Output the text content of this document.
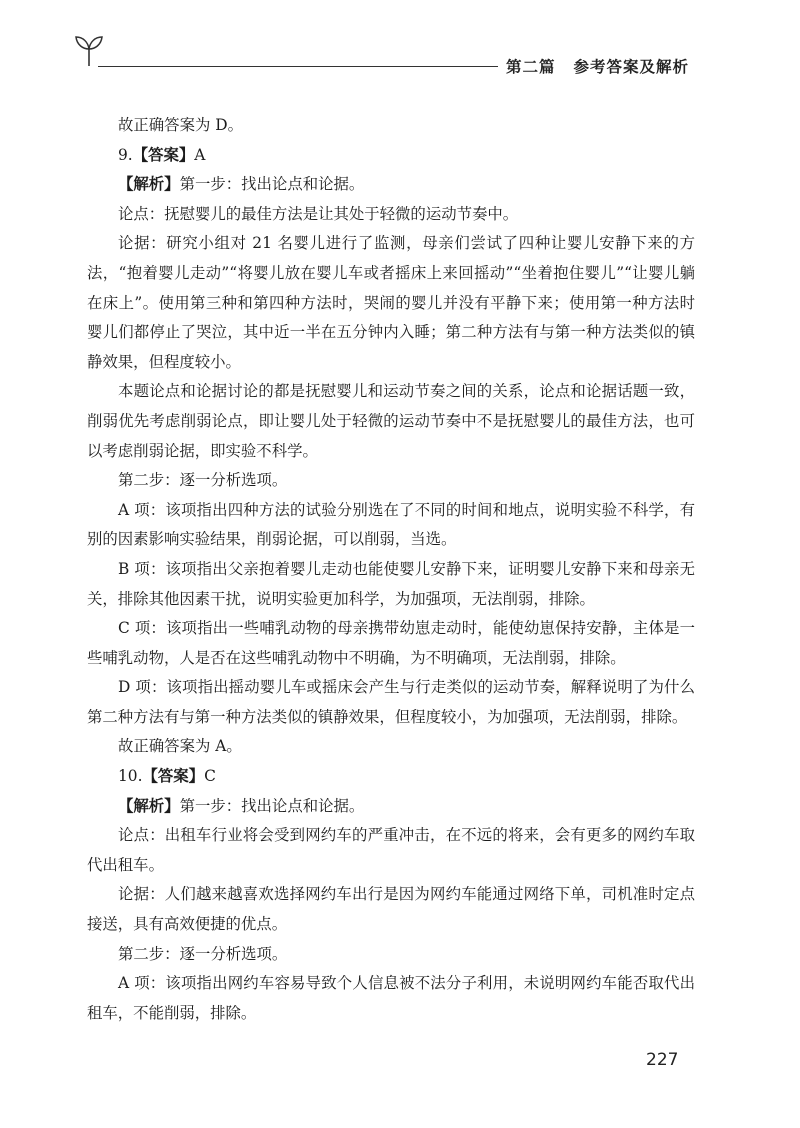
第二篇 参考答案及解析

故正确答案为 D。

9.【答案】A

【解析】第一步：找出论点和论据。

论点：抚慰婴儿的最佳方法是让其处于轻微的运动节奏中。

论据：研究小组对 21 名婴儿进行了监测，母亲们尝试了四种让婴儿安静下来的方法，“抱着婴儿走动”“将婴儿放在婴儿车或者摇床上来回摇动”“坐着抱住婴儿”“让婴儿躺在床上”。使用第三种和第四种方法时，哭闹的婴儿并没有平静下来；使用第一种方法时婴儿们都停止了哭泣，其中近一半在五分钟内入睡；第二种方法有与第一种方法类似的镇静效果，但程度较小。

本题论点和论据讨论的都是抚慰婴儿和运动节奏之间的关系，论点和论据话题一致，削弱优先考虑削弱论点，即让婴儿处于轻微的运动节奏中不是抚慰婴儿的最佳方法，也可以考虑削弱论据，即实验不科学。

第二步：逐一分析选项。

A 项：该项指出四种方法的试验分别选在了不同的时间和地点，说明实验不科学，有别的因素影响实验结果，削弱论据，可以削弱，当选。

B 项：该项指出父亲抱着婴儿走动也能使婴儿安静下来，证明婴儿安静下来和母亲无关，排除其他因素干扰，说明实验更加科学，为加强项，无法削弱，排除。

C 项：该项指出一些哺乳动物的母亲携带幼崽走动时，能使幼崽保持安静，主体是一些哺乳动物，人是否在这些哺乳动物中不明确，为不明确项，无法削弱，排除。

D 项：该项指出摇动婴儿车或摇床会产生与行走类似的运动节奏，解释说明了为什么第二种方法有与第一种方法类似的镇静效果，但程度较小，为加强项，无法削弱，排除。

故正确答案为 A。

10.【答案】C

【解析】第一步：找出论点和论据。

论点：出租车行业将会受到网约车的严重冲击，在不远的将来，会有更多的网约车取代出租车。

论据：人们越来越喜欢选择网约车出行是因为网约车能通过网络下单，司机准时定点接送，具有高效便捷的优点。

第二步：逐一分析选项。

A 项：该项指出网约车容易导致个人信息被不法分子利用，未说明网约车能否取代出租车，不能削弱，排除。

227
